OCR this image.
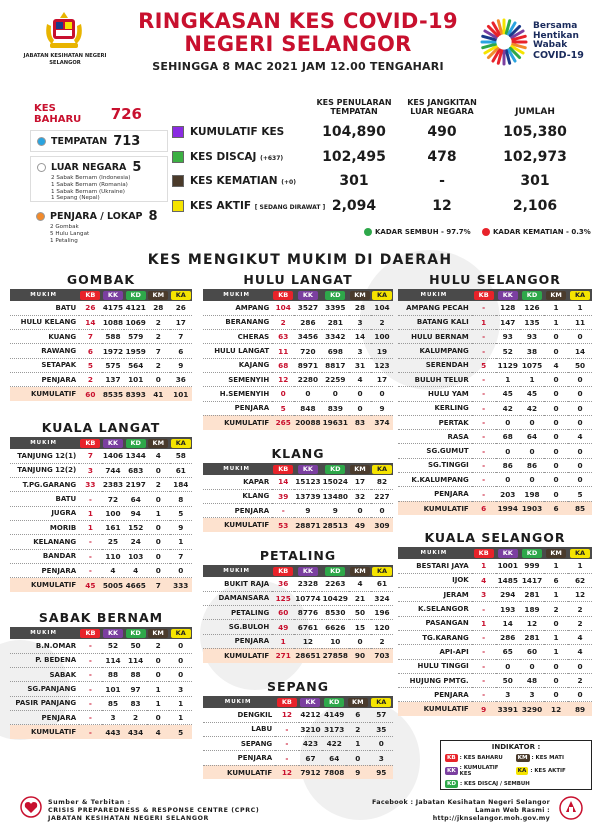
JABATAN KESIHATAN NEGERI SELANGOR
RINGKASAN KES COVID-19
NEGERI SELANGOR
SEHINGGA 8 MAC 2021 JAM 12.00 TENGAHARI
Bersama
Hentikan
Wabak
COVID-19
KES BAHARU	726
TEMPATAN 713
LUAR NEGARA 5
2 Sabak Bernam (Indonesia)
1 Sabak Bernam (Romania)
1 Sabak Bernam (Ukraine)
1 Sepang (Nepal)
PENJARA / LOKAP 8
2 Gombak
5 Hulu Langat
1 Petaling
KES PENULARAN TEMPATAN
KES JANGKITAN LUAR NEGARA	JUMLAH
KUMULATIF KES	104,890	490	105,380
KES DISCAJ (+637)	102,495	478	102,973
KES KEMATIAN (+0)	301	-	301
KES AKTIF [ SEDANG DIRAWAT ] 2,094	12	2,106
KADAR SEMBUH - 97.7%	KADAR KEMATIAN - 0.3%
KES MENGIKUT MUKIM DI DAERAH
GOMBAK
MUKIM	KB	KK	KD	KM	KA
BATU	26	4175	4121	28	26
HULU KELANG	14	1088	1069	2	17
KUANG	7	588	579	2	7
RAWANG	6	1972	1959	7	6
SETAPAK	5	575	564	2	9
PENJARA	2	137	101	0	36
KUMULATIF	60	8535	8393	41	101
KUALA LANGAT
MUKIM	KB	KK	KD	KM	KA
TANJUNG 12(1)	7	1406	1344	4	58
TANJUNG 12(2)	3	744	683	0	61
T.PG.GARANG	33	2383	2197	2	184
BATU	-	72	64	0	8
JUGRA	1	100	94	1	5
MORIB	1	161	152	0	9
KELANANG	-	25	24	0	1
BANDAR	-	110	103	0	7
PENJARA	-	4	4	0	0
KUMULATIF	45	5005	4665	7	333
SABAK BERNAM
MUKIM	KB	KK	KD	KM	KA
B.N.OMAR	-	52	50	2	0
P. BEDENA	-	114	114	0	0
SABAK	-	88	88	0	0
SG.PANJANG	-	101	97	1	3
PASIR PANJANG	-	85	83	1	1
PENJARA	-	3	2	0	1
KUMULATIF	-	443	434	4	5
HULU LANGAT
MUKIM	KB	KK	KD	KM	KA
AMPANG	104	3527	3395	28	104
BERANANG	2	286	281	3	2
CHERAS	63	3456	3342	14	100
HULU LANGAT	11	720	698	3	19
KAJANG	68	8971	8817	31	123
SEMENYIH	12	2280	2259	4	17
H.SEMENYIH	0	0	0	0	0
PENJARA	5	848	839	0	9
KUMULATIF	265	20088	19631	83	374
KLANG
MUKIM	KB	KK	KD	KM	KA
KAPAR	14	15123	15024	17	82
KLANG	39	13739	13480	32	227
PENJARA	-	9	9	0	0
KUMULATIF	53	28871	28513	49	309
PETALING
MUKIM	KB	KK	KD	KM	KA
BUKIT RAJA	36	2328	2263	4	61
DAMANSARA	125	10774	10429	21	324
PETALING	60	8776	8530	50	196
SG.BULOH	49	6761	6626	15	120
PENJARA	1	12	10	0	2
KUMULATIF	271	28651	27858	90	703
SEPANG
MUKIM	KB	KK	KD	KM	KA
DENGKIL	12	4212	4149	6	57
LABU	-	3210	3173	2	35
SEPANG	-	423	422	1	0
PENJARA	-	67	64	0	3
KUMULATIF	12	7912	7808	9	95
HULU SELANGOR
MUKIM	KB	KK	KD	KM	KA
AMPANG PECAH	-	128	126	1	1
BATANG KALI	1	147	135	1	11
HULU BERNAM	-	93	93	0	0
KALUMPANG	-	52	38	0	14
SERENDAH	5	1129	1075	4	50
BULUH TELUR	-	1	1	0	0
HULU YAM	-	45	45	0	0
KERLING	-	42	42	0	0
PERTAK	-	0	0	0	0
RASA	-	68	64	0	4
SG.GUMUT	-	0	0	0	0
SG.TINGGI	-	86	86	0	0
K.KALUMPANG	-	0	0	0	0
PENJARA	-	203	198	0	5
KUMULATIF	6	1994	1903	6	85
KUALA SELANGOR
MUKIM	KB	KK	KD	KM	KA
BESTARI JAYA	1	1001	999	1	1
IJOK	4	1485	1417	6	62
JERAM	3	294	281	1	12
K.SELANGOR	-	193	189	2	2
PASANGAN	1	14	12	0	2
TG.KARANG	-	286	281	1	4
API-API	-	65	60	1	4
HULU TINGGI	-	0	0	0	0
HUJUNG PMTG.	-	50	48	0	2
PENJARA	-	3	3	0	0
KUMULATIF	9	3391	3290	12	89
INDIKATOR :
KB : KES BAHARU	KM : KES MATI
KK : KUMULATIF KES	KA : KES AKTIF
KD : KES DISCAJ / SEMBUH
Sumber & Terbitan :
CRISIS PREPAREDNESS & RESPONSE CENTRE (CPRC)
JABATAN KESIHATAN NEGERI SELANGOR
Facebook : Jabatan Kesihatan Negeri Selangor
Laman Web Rasmi : http://jknselangor.moh.gov.my
